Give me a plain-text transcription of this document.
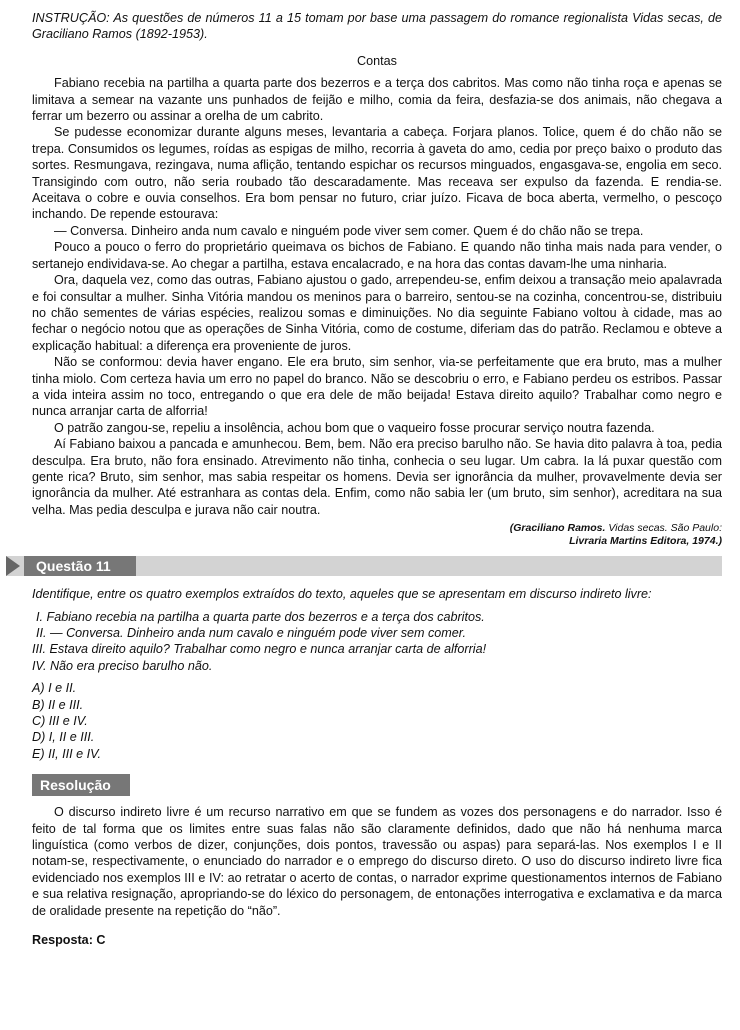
INSTRUÇÃO: As questões de números 11 a 15 tomam por base uma passagem do romance regionalista Vidas secas, de Graciliano Ramos (1892-1953).

Contas

Fabiano recebia na partilha a quarta parte dos bezerros e a terça dos cabritos. Mas como não tinha roça e apenas se limitava a semear na vazante uns punhados de feijão e milho, comia da feira, desfazia-se dos animais, não chegava a ferrar um bezerro ou assinar a orelha de um cabrito.

Se pudesse economizar durante alguns meses, levantaria a cabeça. Forjara planos. Tolice, quem é do chão não se trepa. Consumidos os legumes, roídas as espigas de milho, recorria à gaveta do amo, cedia por preço baixo o produto das sortes. Resmungava, rezingava, numa aflição, tentando espichar os recursos minguados, engasgava-se, engolia em seco. Transigindo com outro, não seria roubado tão descaradamente. Mas receava ser expulso da fazenda. E rendia-se. Aceitava o cobre e ouvia conselhos. Era bom pensar no futuro, criar juízo. Ficava de boca aberta, vermelho, o pescoço inchando. De repende estourava:

— Conversa. Dinheiro anda num cavalo e ninguém pode viver sem comer. Quem é do chão não se trepa.

Pouco a pouco o ferro do proprietário queimava os bichos de Fabiano. E quando não tinha mais nada para vender, o sertanejo endividava-se. Ao chegar a partilha, estava encalacrado, e na hora das contas davam-lhe uma ninharia.

Ora, daquela vez, como das outras, Fabiano ajustou o gado, arrependeu-se, enfim deixou a transação meio apalavrada e foi consultar a mulher. Sinha Vitória mandou os meninos para o barreiro, sentou-se na cozinha, concentrou-se, distribuiu no chão sementes de várias espécies, realizou somas e diminuições. No dia seguinte Fabiano voltou à cidade, mas ao fechar o negócio notou que as operações de Sinha Vitória, como de costume, diferiam das do patrão. Reclamou e obteve a explicação habitual: a diferença era proveniente de juros.

Não se conformou: devia haver engano. Ele era bruto, sim senhor, via-se perfeitamente que era bruto, mas a mulher tinha miolo. Com certeza havia um erro no papel do branco. Não se descobriu o erro, e Fabiano perdeu os estribos. Passar a vida inteira assim no toco, entregando o que era dele de mão beijada! Estava direito aquilo? Trabalhar como negro e nunca arranjar carta de alforria!

O patrão zangou-se, repeliu a insolência, achou bom que o vaqueiro fosse procurar serviço noutra fazenda.

Aí Fabiano baixou a pancada e amunhecou. Bem, bem. Não era preciso barulho não. Se havia dito palavra à toa, pedia desculpa. Era bruto, não fora ensinado. Atrevimento não tinha, conhecia o seu lugar. Um cabra. Ia lá puxar questão com gente rica? Bruto, sim senhor, mas sabia respeitar os homens. Devia ser ignorância da mulher, provavelmente devia ser ignorância da mulher. Até estranhara as contas dela. Enfim, como não sabia ler (um bruto, sim senhor), acreditara na sua velha. Mas pedia desculpa e jurava não cair noutra.

(Graciliano Ramos. Vidas secas. São Paulo:
Livraria Martins Editora, 1974.)
Questão 11

Identifique, entre os quatro exemplos extraídos do texto, aqueles que se apresentam em discurso indireto livre:

I. Fabiano recebia na partilha a quarta parte dos bezerros e a terça dos cabritos.
II. — Conversa. Dinheiro anda num cavalo e ninguém pode viver sem comer.
III. Estava direito aquilo? Trabalhar como negro e nunca arranjar carta de alforria!
IV. Não era preciso barulho não.
A) I e II.
B) II e III.
C) III e IV.
D) I, II e III.
E) II, III e IV.
Resolução

O discurso indireto livre é um recurso narrativo em que se fundem as vozes dos personagens e do narrador. Isso é feito de tal forma que os limites entre suas falas não são claramente definidos, dado que não há nenhuma marca linguística (como verbos de dizer, conjunções, dois pontos, travessão ou aspas) para separá-las. Nos exemplos I e II notam-se, respectivamente, o enunciado do narrador e o emprego do discurso direto. O uso do discurso indireto livre fica evidenciado nos exemplos III e IV: ao retratar o acerto de contas, o narrador exprime questionamentos internos de Fabiano e sua relativa resignação, apropriando-se do léxico do personagem, de entonações interrogativa e exclamativa e da marca de oralidade presente na repetição do “não”.

Resposta: C
